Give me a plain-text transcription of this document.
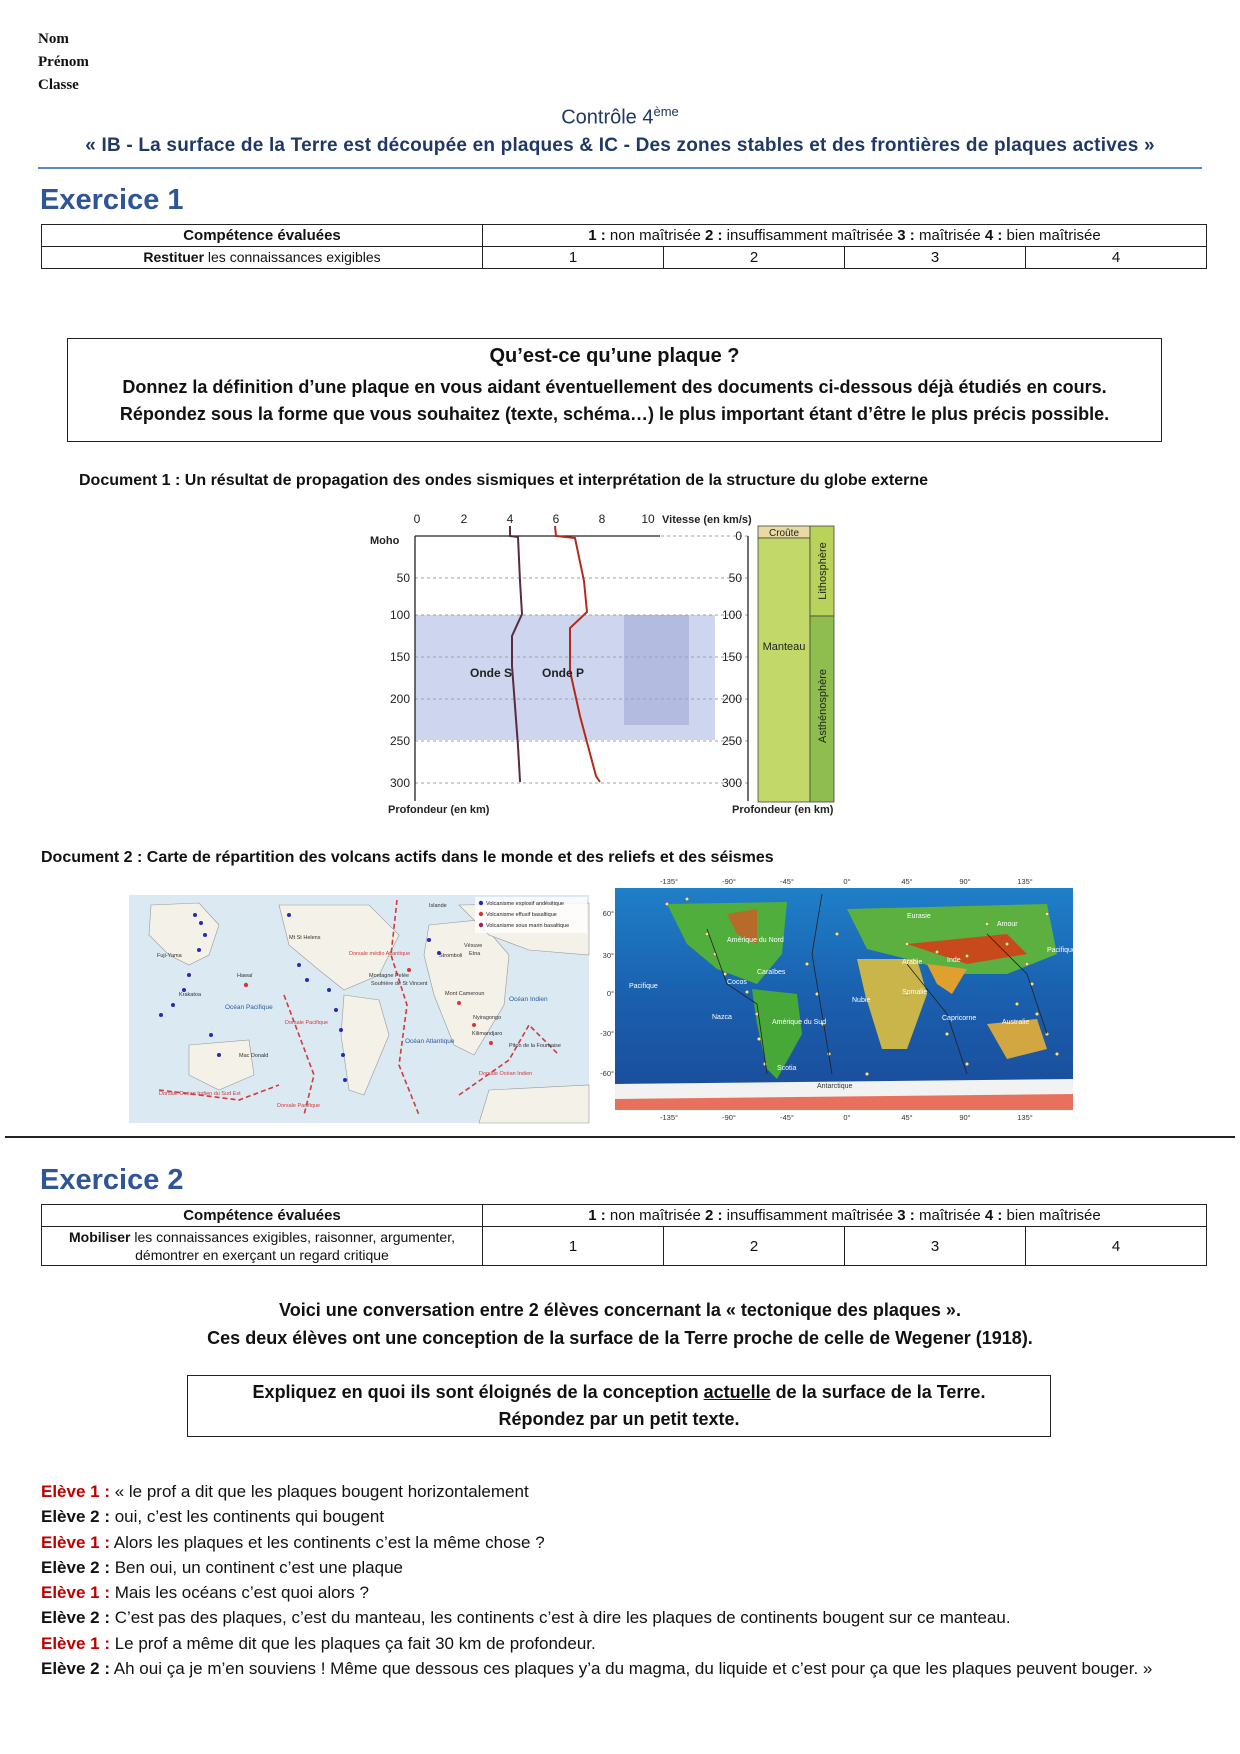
Nom
Prénom
Classe
Contrôle 4ème
« IB - La surface de la Terre est découpée en plaques & IC - Des zones stables et des frontières de plaques actives »
Exercice 1
Compétence évaluées	1 : non maîtrisée 2 : insuffisamment maîtrisée 3 : maîtrisée 4 : bien maîtrisée			
Restituer les connaissances exigibles	1	2	3	4
Qu’est-ce qu’une plaque ?
Donnez la définition d’une plaque en vous aidant éventuellement des documents ci-dessous déjà étudiés en cours.
Répondez sous la forme que vous souhaitez (texte, schéma…) le plus important étant d’être le plus précis possible.
Document 1 : Un résultat de propagation des ondes sismiques et interprétation de la structure du globe externe
0	2	4	6	8	10 Vitesse (en km/s)
50
100
150
200
250
300
0
50
100
150
200
250
300
Moho
Profondeur (en km)	Profondeur (en km)
Onde S Onde P
Croûte
Manteau
Lithosphère
Asthénosphère
Document 2 : Carte de répartition des volcans actifs dans le monde et des reliefs et des séismes
Volcanisme explosif andésitique
Volcanisme effusif basaltique
Volcanisme sous marin basaltique
Islande
Mt St Helens
Fuji-Yama
Hawaï
Krakatoa
Océan Pacifique
Mac Donald
Dorsale Pacifique
Dorsale Océan Indien du Sud Est
Dorsale médio Atlantique
Vésuve
Etna
Stromboli
Montagne Pelée
Soufrière de St Vincent
Mont Cameroun
Nyiragongo
Kilimandjaro
Océan Atlantique
Océan Indien
Piton de la Fournaise
Dorsale Pacifique
Dorsale Océan Indien
-135°	-90°	-45°	0°	45°	90°	135°
-135°	-90°	-45°	0°	45°	90°	135°
60°
30°
0°
-30°
-60°
Eurasie
Amour
Amérique du Nord
Caraïbes
Cocos
Pacifique
Nazca
Amérique du Sud
Arabie	Inde
Somalie
Nubie
Capricorne
Australie
Scotia
Antarctique
Pacifique
Exercice 2
Compétence évaluées	1 : non maîtrisée 2 : insuffisamment maîtrisée 3 : maîtrisée 4 : bien maîtrisée			
Mobiliser les connaissances exigibles, raisonner, argumenter, démontrer en exerçant un regard critique	1	2	3	4
Voici une conversation entre 2 élèves concernant la « tectonique des plaques ».
Ces deux élèves ont une conception de la surface de la Terre proche de celle de Wegener (1918).
Expliquez en quoi ils sont éloignés de la conception actuelle de la surface de la Terre.
Répondez par un petit texte.
Elève 1 : « le prof a dit que les plaques bougent horizontalement
Elève 2 : oui, c’est les continents qui bougent
Elève 1 : Alors les plaques et les continents c’est la même chose ?
Elève 2 : Ben oui, un continent c’est une plaque
Elève 1 : Mais les océans c’est quoi alors ?
Elève 2 : C’est pas des plaques, c’est du manteau, les continents c’est à dire les plaques de continents bougent sur ce manteau.
Elève 1 : Le prof a même dit que les plaques ça fait 30 km de profondeur.
Elève 2 : Ah oui ça je m’en souviens ! Même que dessous ces plaques y’a du magma, du liquide et c’est pour ça que les plaques peuvent bouger. »
